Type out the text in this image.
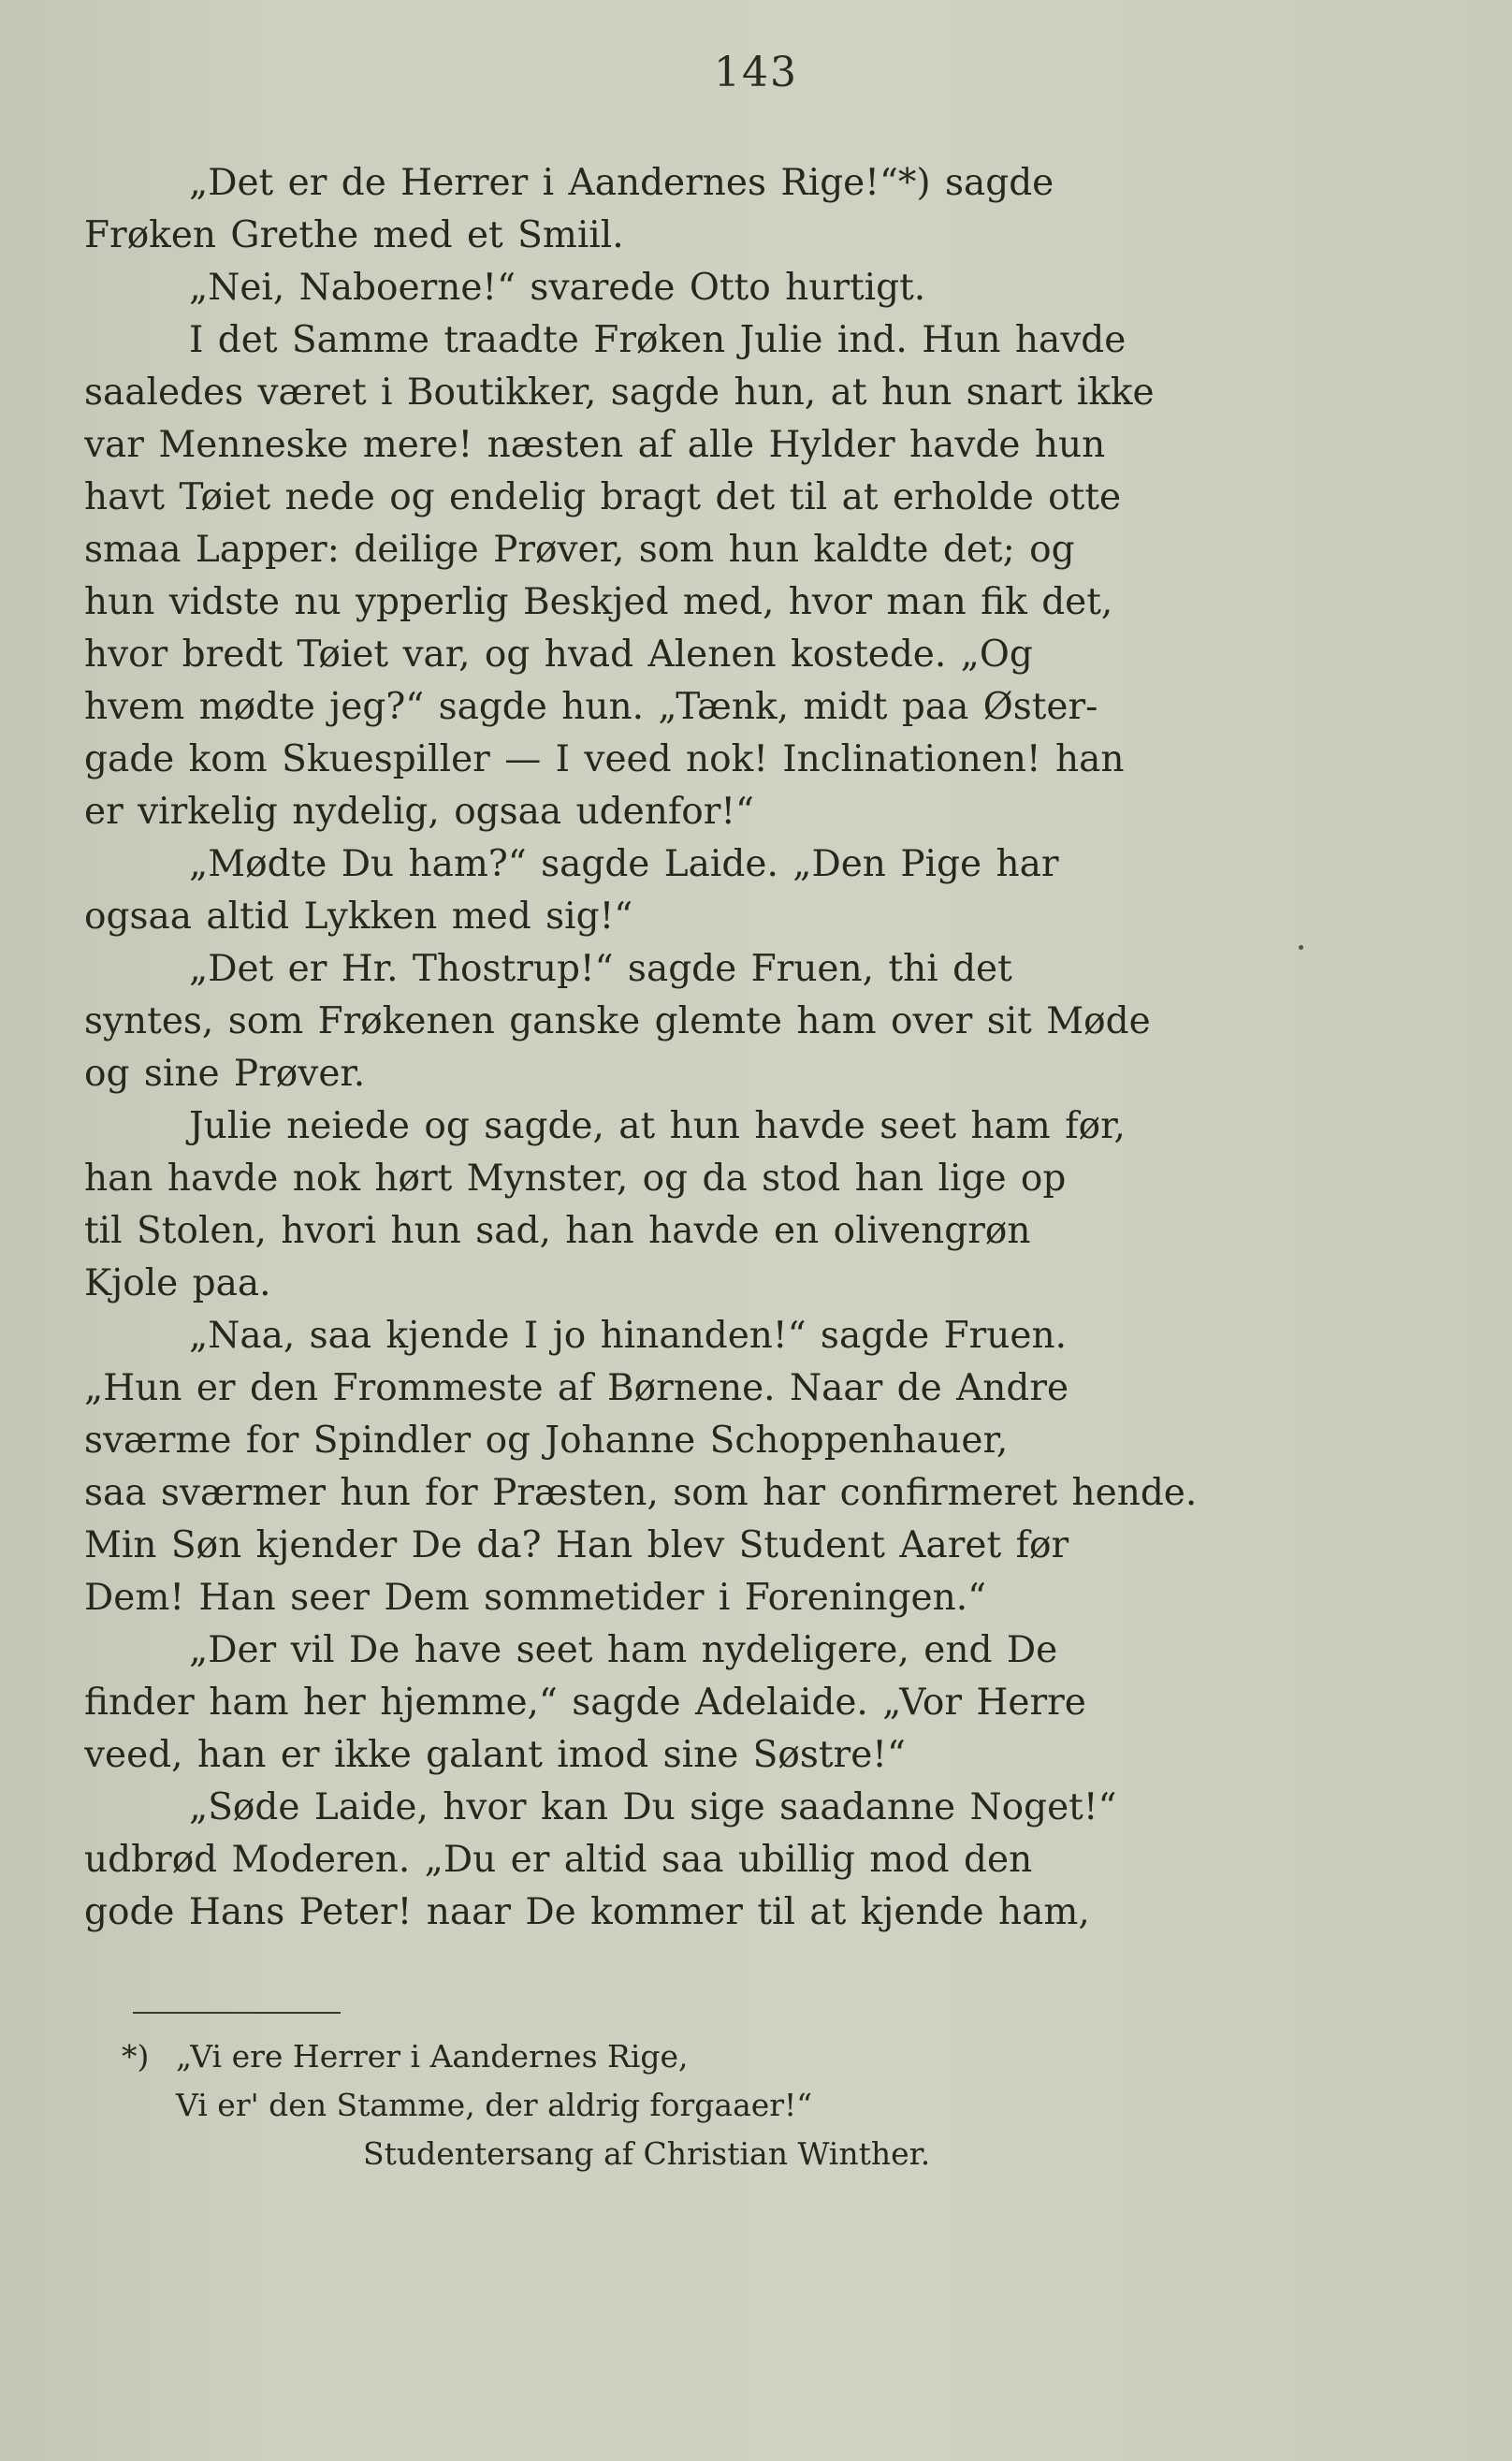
143
„Det er de Herrer i Aandernes Rige!“*) sagde
Frøken Grethe med et Smiil.
„Nei, Naboerne!“ svarede Otto hurtigt.
I det Samme traadte Frøken Julie ind. Hun havde
saaledes været i Boutikker, sagde hun, at hun snart ikke
var Menneske mere! næsten af alle Hylder havde hun
havt Tøiet nede og endelig bragt det til at erholde otte
smaa Lapper: deilige Prøver, som hun kaldte det; og
hun vidste nu ypperlig Beskjed med, hvor man fik det,
hvor bredt Tøiet var, og hvad Alenen kostede. „Og
hvem mødte jeg?“ sagde hun. „Tænk, midt paa Øster-
gade kom Skuespiller — I veed nok! Inclinationen! han
er virkelig nydelig, ogsaa udenfor!“
„Mødte Du ham?“ sagde Laide. „Den Pige har
ogsaa altid Lykken med sig!“
„Det er Hr. Thostrup!“ sagde Fruen, thi det
syntes, som Frøkenen ganske glemte ham over sit Møde
og sine Prøver.
Julie neiede og sagde, at hun havde seet ham før,
han havde nok hørt Mynster, og da stod han lige op
til Stolen, hvori hun sad, han havde en olivengrøn
Kjole paa.
„Naa, saa kjende I jo hinanden!“ sagde Fruen.
„Hun er den Frommeste af Børnene. Naar de Andre
sværme for Spindler og Johanne Schoppenhauer,
saa sværmer hun for Præsten, som har confirmeret hende.
Min Søn kjender De da? Han blev Student Aaret før
Dem! Han seer Dem sommetider i Foreningen.“
„Der vil De have seet ham nydeligere, end De
finder ham her hjemme,“ sagde Adelaide. „Vor Herre
veed, han er ikke galant imod sine Søstre!“
„Søde Laide, hvor kan Du sige saadanne Noget!“
udbrød Moderen. „Du er altid saa ubillig mod den
gode Hans Peter! naar De kommer til at kjende ham,
*) „Vi ere Herrer i Aandernes Rige,
Vi er' den Stamme, der aldrig forgaaer!“
Studentersang af Christian Winther.
